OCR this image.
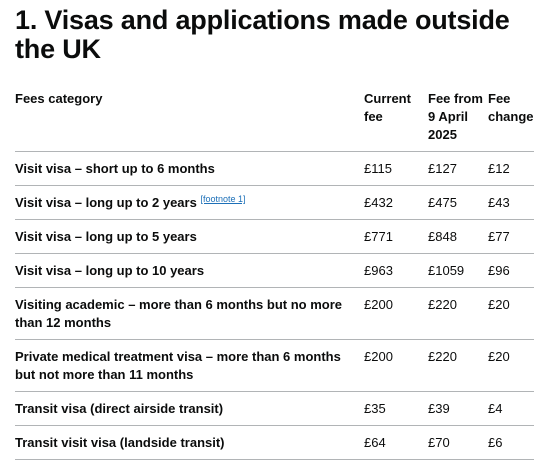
1. Visas and applications made outside the UK
Fees category	Current fee	Fee from 9 April 2025	Fee change
Visit visa – short up to 6 months	£115	£127	£12
Visit visa – long up to 2 years [footnote 1]	£432	£475	£43
Visit visa – long up to 5 years	£771	£848	£77
Visit visa – long up to 10 years	£963	£1059	£96
Visiting academic – more than 6 months but no more than 12 months	£200	£220	£20
Private medical treatment visa – more than 6 months but not more than 11 months	£200	£220	£20
Transit visa (direct airside transit)	£35	£39	£4
Transit visit visa (landside transit)	£64	£70	£6
